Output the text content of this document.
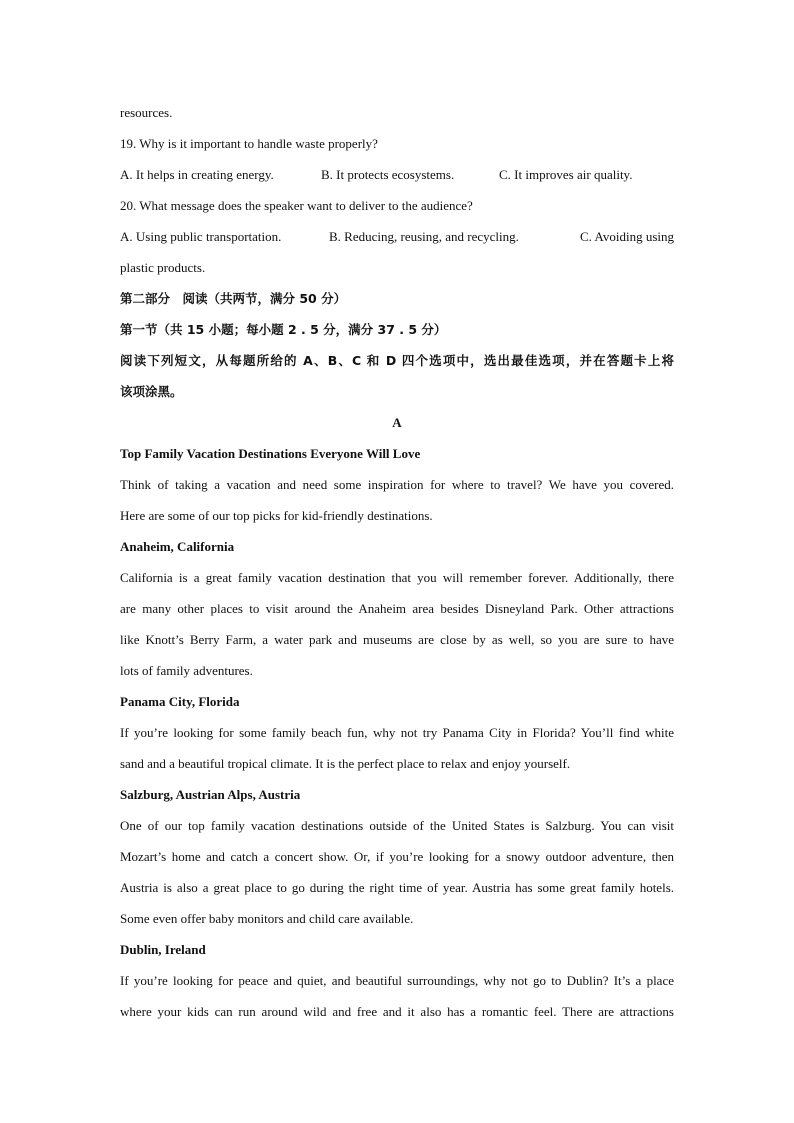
resources.
19. Why is it important to handle waste properly?
A. It helps in creating energy.	B. It protects ecosystems.	C. It improves air quality.
20. What message does the speaker want to deliver to the audience?
A. Using public transportation.	B. Reducing, reusing, and recycling.	C. Avoiding using
plastic products.
第二部分　阅读（共两节，满分 50 分）
第一节（共 15 小题；每小题 2 . 5 分，满分 37 . 5 分）
阅读下列短文，从每题所给的 A、B、C 和 D 四个选项中，选出最佳选项，并在答题卡上将
该项涂黑。
A
Top Family Vacation Destinations Everyone Will Love
Think of taking a vacation and need some inspiration for where to travel? We have you covered.
Here are some of our top picks for kid-friendly destinations.
Anaheim, California
California is a great family vacation destination that you will remember forever. Additionally, there
are many other places to visit around the Anaheim area besides Disneyland Park. Other attractions
like Knott’s Berry Farm, a water park and museums are close by as well, so you are sure to have
lots of family adventures.
Panama City, Florida
If you’re looking for some family beach fun, why not try Panama City in Florida? You’ll find white
sand and a beautiful tropical climate. It is the perfect place to relax and enjoy yourself.
Salzburg, Austrian Alps, Austria
One of our top family vacation destinations outside of the United States is Salzburg. You can visit
Mozart’s home and catch a concert show. Or, if you’re looking for a snowy outdoor adventure, then
Austria is also a great place to go during the right time of year. Austria has some great family hotels.
Some even offer baby monitors and child care available.
Dublin, Ireland
If you’re looking for peace and quiet, and beautiful surroundings, why not go to Dublin? It’s a place
where your kids can run around wild and free and it also has a romantic feel. There are attractions
